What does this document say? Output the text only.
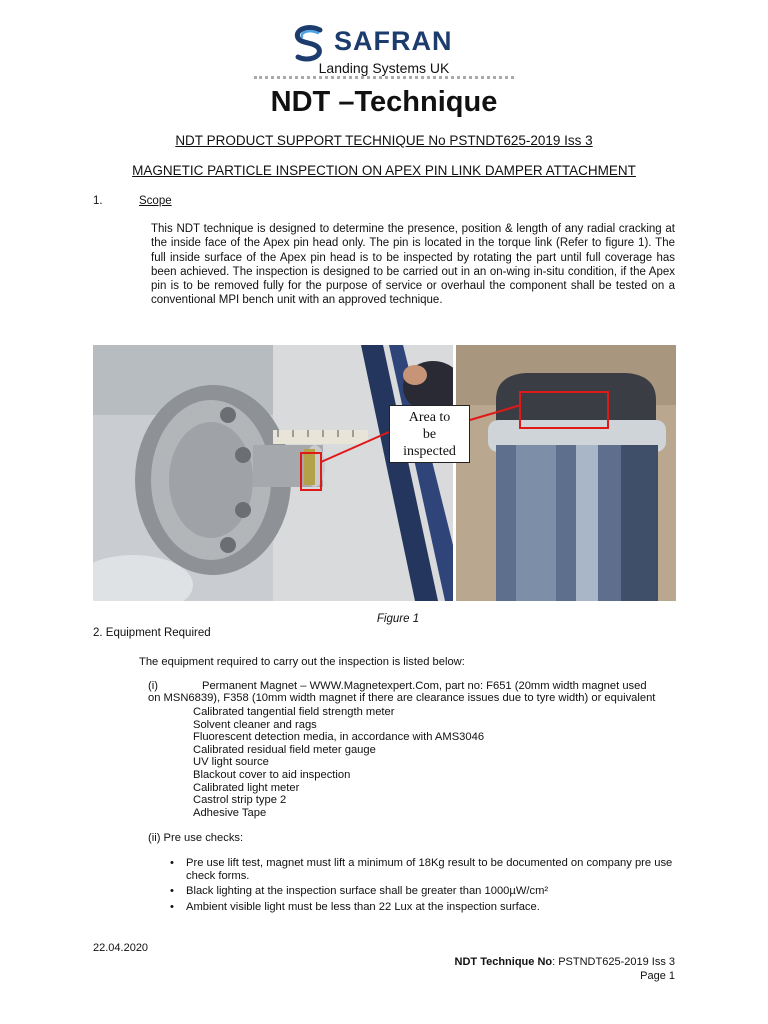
SAFRAN
Landing Systems UK
NDT –Technique
NDT PRODUCT SUPPORT TECHNIQUE No PSTNDT625-2019 Iss 3
MAGNETIC PARTICLE INSPECTION ON APEX PIN LINK DAMPER ATTACHMENT
1.	Scope
This NDT technique is designed to determine the presence, position & length of any radial cracking at the inside face of the Apex pin head only. The pin is located in the torque link (Refer to figure 1). The full inside surface of the Apex pin head is to be inspected by rotating the part until full coverage has been achieved. The inspection is designed to be carried out in an on-wing in-situ condition, if the Apex pin is to be removed fully for the purpose of service or overhaul the component shall be tested on a conventional MPI bench unit with an approved technique.
Area to
be
inspected
Figure 1
2. Equipment Required
The equipment required to carry out the inspection is listed below:
(i)	Permanent Magnet – WWW.Magnetexpert.Com, part no: F651 (20mm width magnet used
on MSN6839), F358 (10mm width magnet if there are clearance issues due to tyre width) or equivalent
Calibrated tangential field strength meter
Solvent cleaner and rags
Fluorescent detection media, in accordance with AMS3046
Calibrated residual field meter gauge
UV light source
Blackout cover to aid inspection
Calibrated light meter
Castrol strip type 2
Adhesive Tape
(ii) Pre use checks:
• Pre use lift test, magnet must lift a minimum of 18Kg result to be documented on company pre use check forms.
• Black lighting at the inspection surface shall be greater than 1000µW/cm²
• Ambient visible light must be less than 22 Lux at the inspection surface.
22.04.2020
NDT Technique No: PSTNDT625-2019 Iss 3
Page 1
